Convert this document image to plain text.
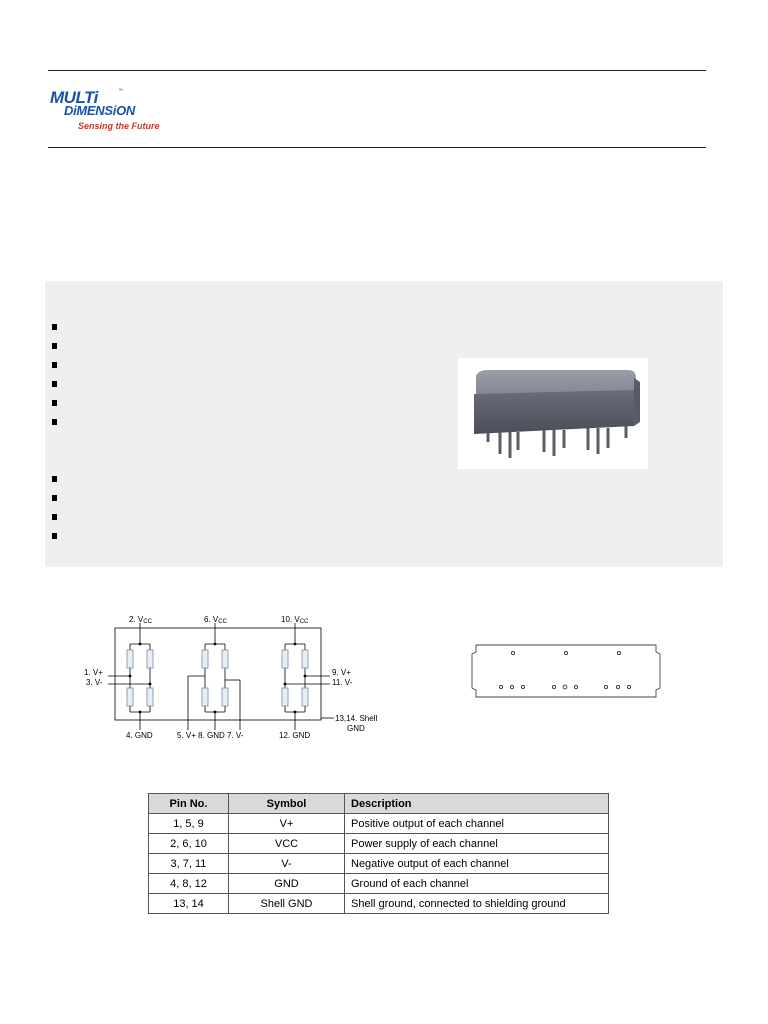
MULTi	™
DiMENSiON
Sensing the Future
2. VCC	6. VCC	10. VCC
1. V+
3. V-
9. V+
11. V-
13,14. Shell
GND
4. GND	5. V+ 8. GND 7. V-	12. GND
Pin No.	Symbol	Description
1, 5, 9	V+	Positive output of each channel
2, 6, 10	VCC	Power supply of each channel
3, 7, 11	V-	Negative output of each channel
4, 8, 12	GND	Ground of each channel
13, 14	Shell GND	Shell ground, connected to shielding ground
